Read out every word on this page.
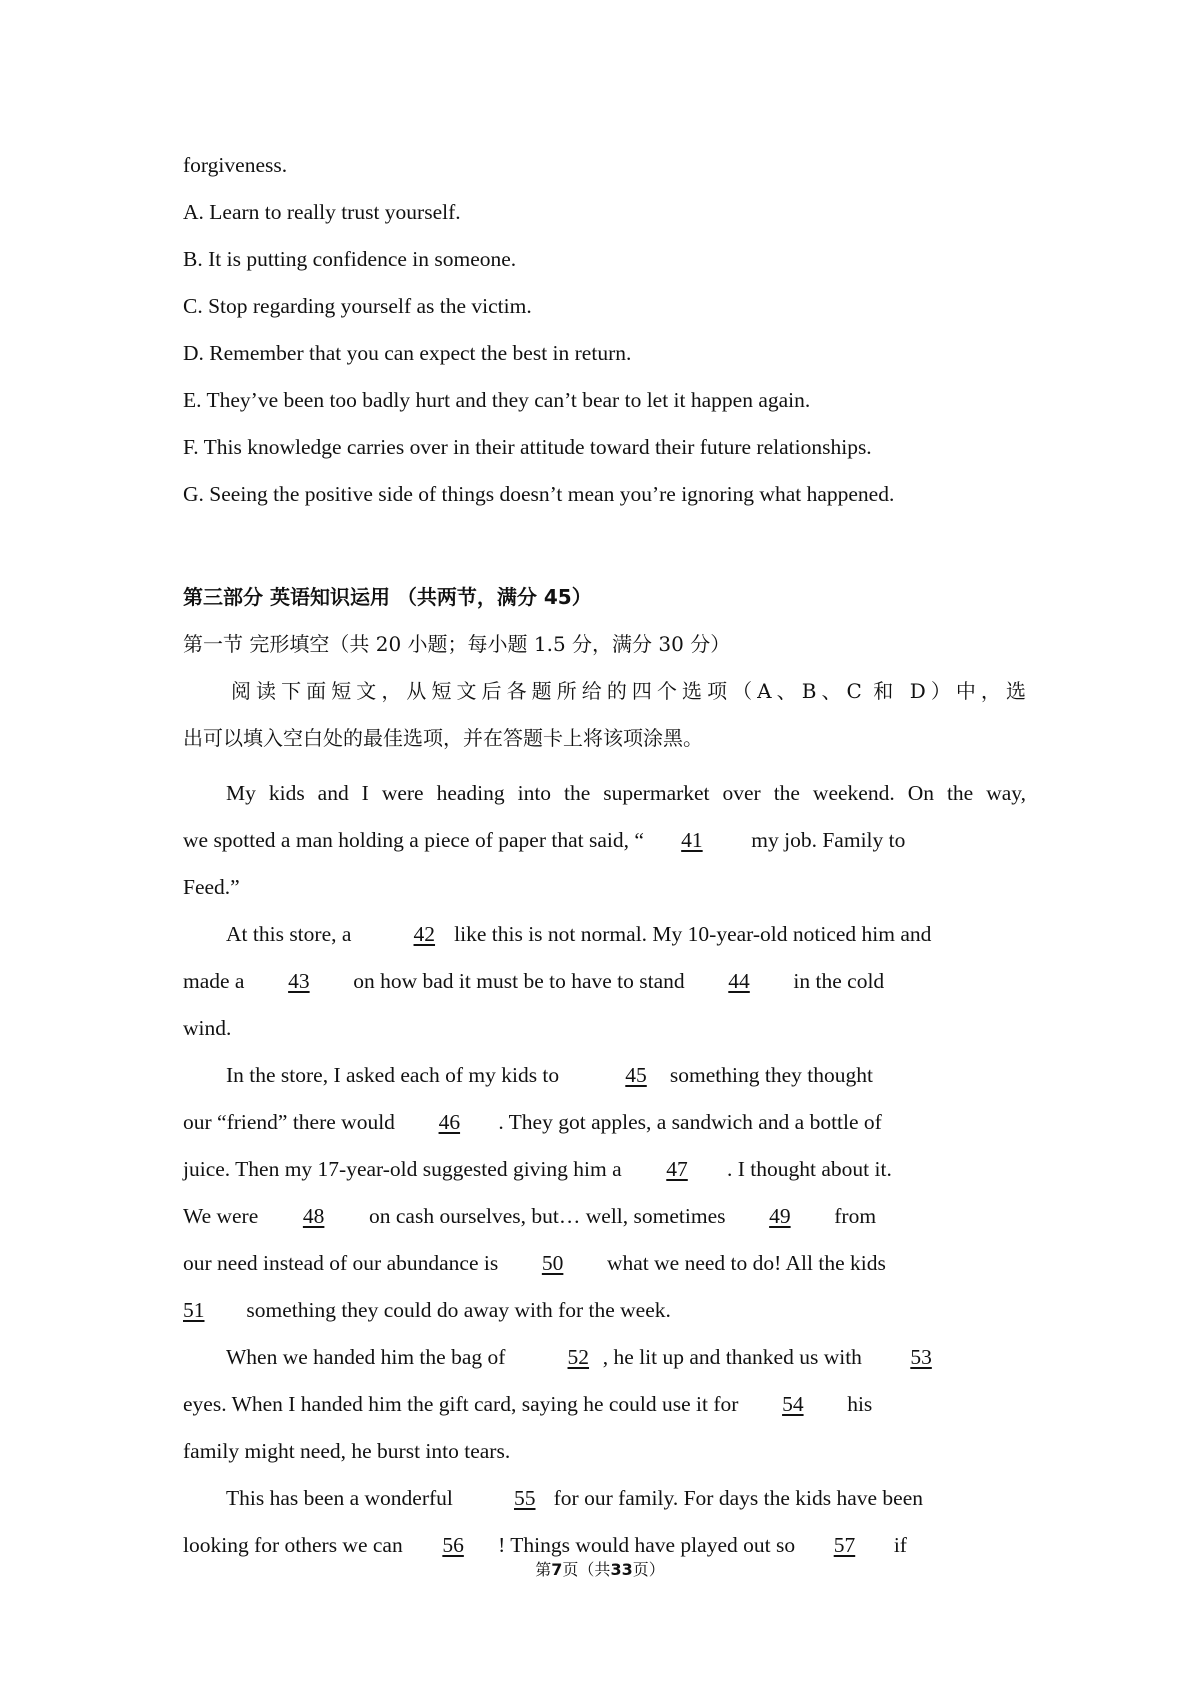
forgiveness.

A. Learn to really trust yourself.

B. It is putting confidence in someone.

C. Stop regarding yourself as the victim.

D. Remember that you can expect the best in return.

E. They’ve been too badly hurt and they can’t bear to let it happen again.

F. This knowledge carries over in their attitude toward their future relationships.

G. Seeing the positive side of things doesn’t mean you’re ignoring what happened.

第三部分 英语知识运用 （共两节，满分 45）
第一节 完形填空（共 20 小题；每小题 1.5 分，满分 30 分）
阅读下面短文，从短文后各题所给的四个选项（A、B、C 和 D）中，选
出可以填入空白处的最佳选项，并在答题卡上将该项涂黑。
My kids and I were heading into the supermarket over the weekend. On the way,
we spotted a man holding a piece of paper that said, “ 41 my job. Family to
Feed.”
At this store, a	42 like this is not normal. My 10-year-old noticed him and
made a 43 on how bad it must be to have to stand 44 in the cold
wind.
In the store, I asked each of my kids to	45 something they thought
our “friend” there would 46 . They got apples, a sandwich and a bottle of
juice. Then my 17-year-old suggested giving him a 47 . I thought about it.
We were 48 on cash ourselves, but… well, sometimes 49 from
our need instead of our abundance is 50 what we need to do! All the kids
51 something they could do away with for the week.
When we handed him the bag of	52 , he lit up and thanked us with 53
eyes. When I handed him the gift card, saying he could use it for 54 his
family might need, he burst into tears.
This has been a wonderful	55 for our family. For days the kids have been
looking for others we can 56 ! Things would have played out so 57 if
第7页（共33页）
